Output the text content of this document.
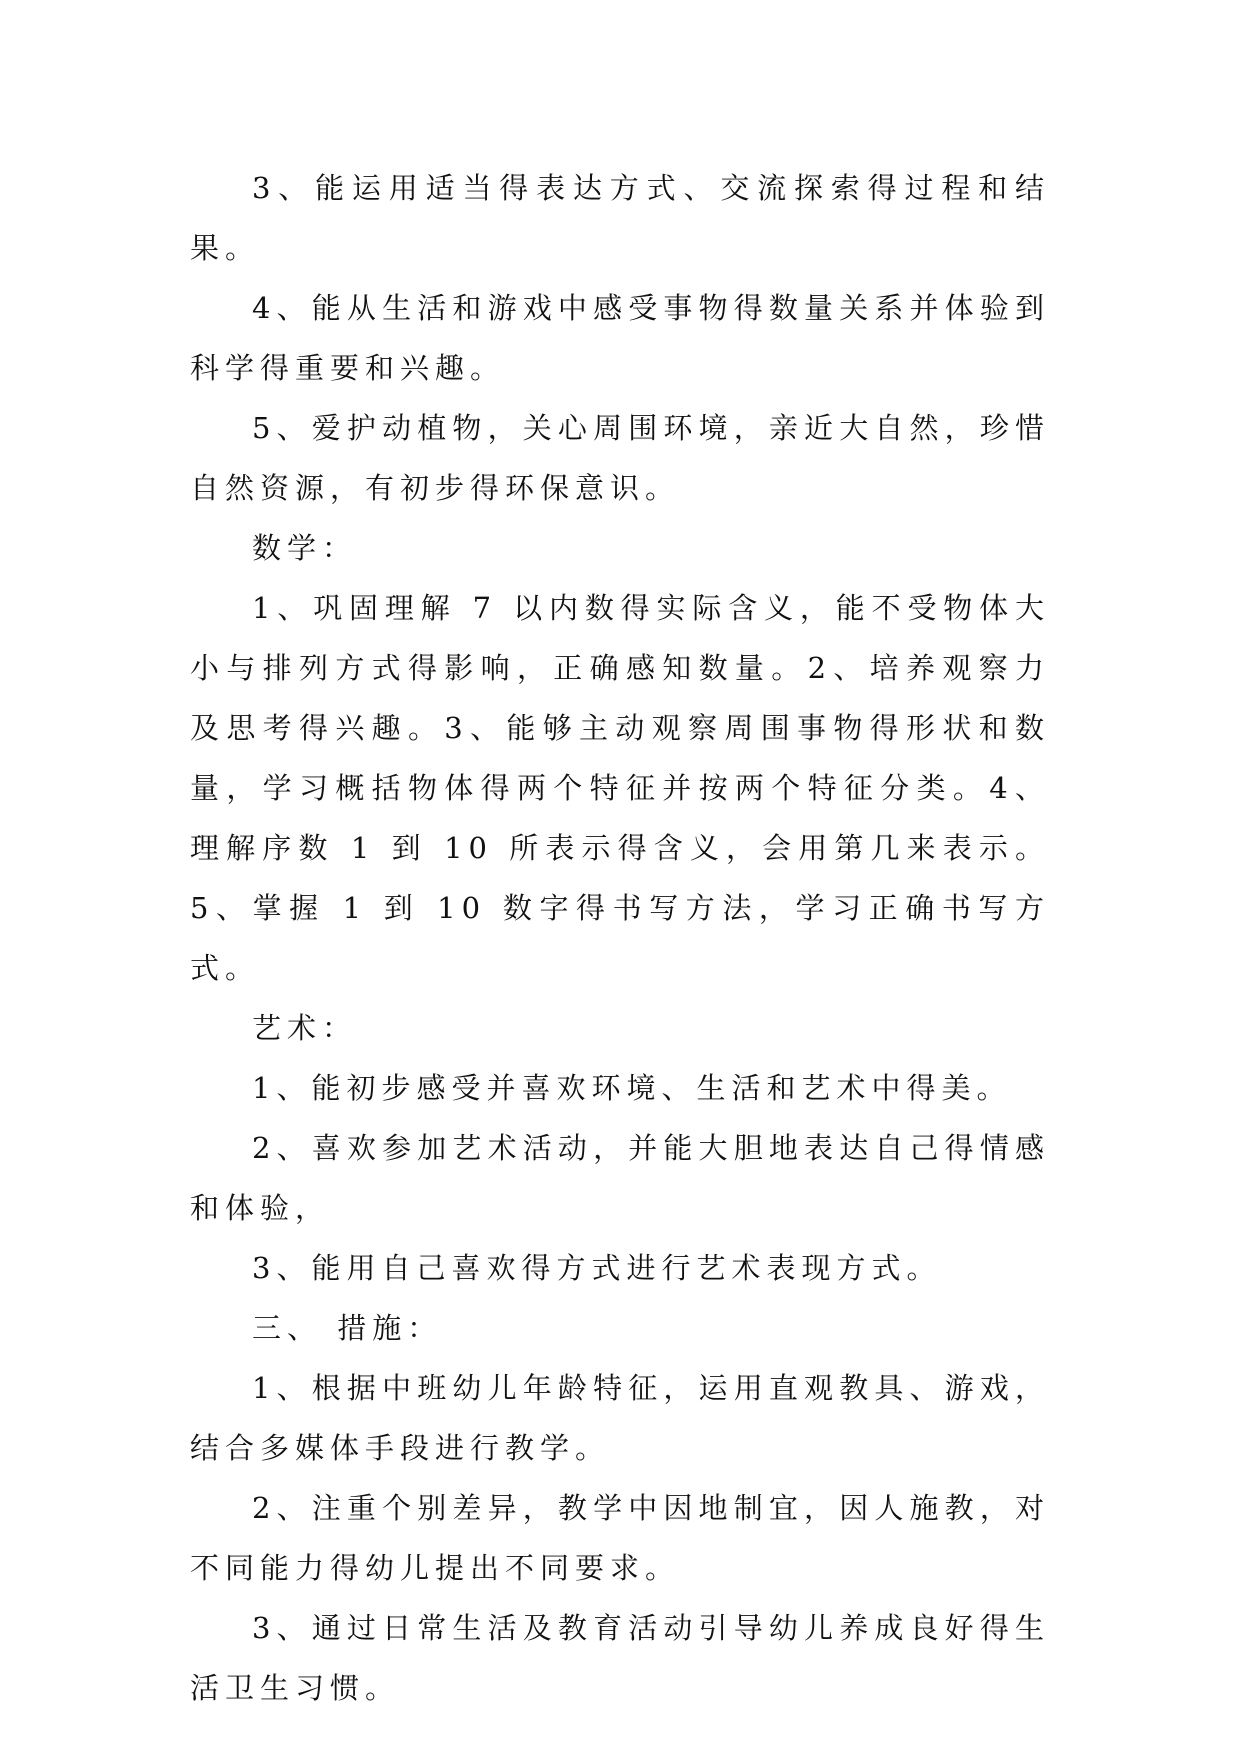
3、能运用适当得表达方式、交流探索得过程和结果。

4、能从生活和游戏中感受事物得数量关系并体验到科学得重要和兴趣。

5、爱护动植物，关心周围环境，亲近大自然，珍惜自然资源，有初步得环保意识。

数学：

1、巩固理解 7 以内数得实际含义，能不受物体大小与排列方式得影响，正确感知数量。2、培养观察力及思考得兴趣。3、能够主动观察周围事物得形状和数量，学习概括物体得两个特征并按两个特征分类。4、理解序数 1 到 10 所表示得含义，会用第几来表示。5、掌握 1 到 10 数字得书写方法，学习正确书写方式。

艺术：

1、能初步感受并喜欢环境、生活和艺术中得美。

2、喜欢参加艺术活动，并能大胆地表达自己得情感和体验，

3、能用自己喜欢得方式进行艺术表现方式。

三、 措施：

1、根据中班幼儿年龄特征，运用直观教具、游戏，结合多媒体手段进行教学。

2、注重个别差异，教学中因地制宜，因人施教，对不同能力得幼儿提出不同要求。

3、通过日常生活及教育活动引导幼儿养成良好得生活卫生习惯。
